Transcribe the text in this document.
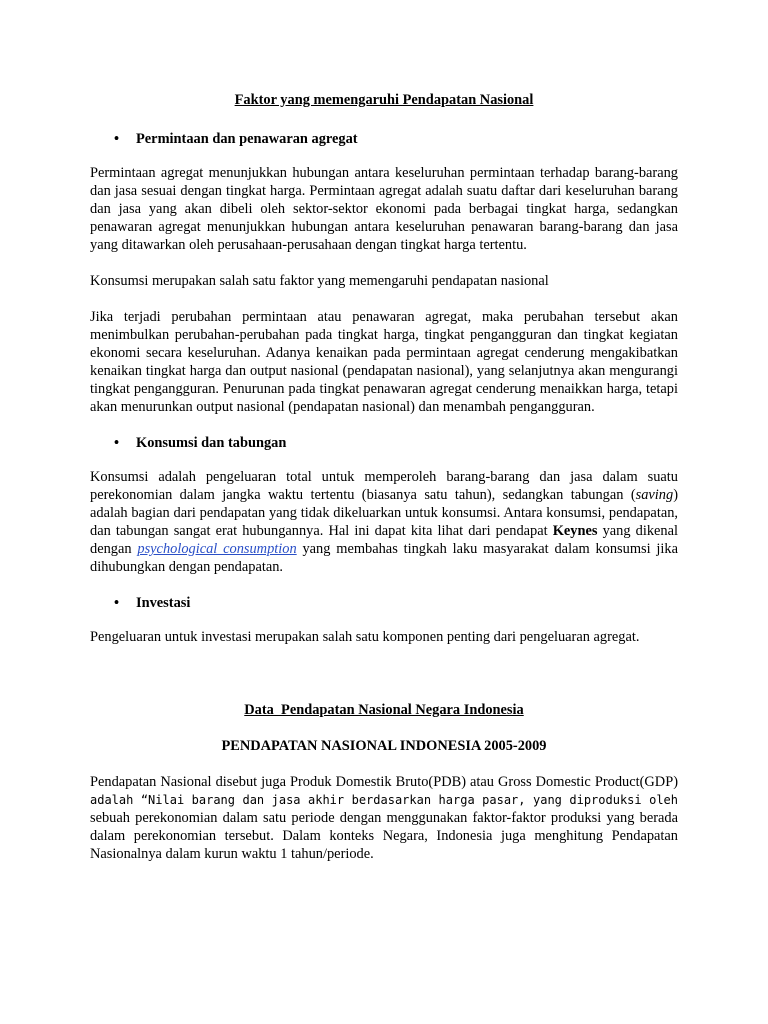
Faktor yang memengaruhi Pendapatan Nasional
• Permintaan dan penawaran agregat

Permintaan agregat menunjukkan hubungan antara keseluruhan permintaan terhadap barang-barang dan jasa sesuai dengan tingkat harga. Permintaan agregat adalah suatu daftar dari keseluruhan barang dan jasa yang akan dibeli oleh sektor-sektor ekonomi pada berbagai tingkat harga, sedangkan penawaran agregat menunjukkan hubungan antara keseluruhan penawaran barang-barang dan jasa yang ditawarkan oleh perusahaan-perusahaan dengan tingkat harga tertentu.

Konsumsi merupakan salah satu faktor yang memengaruhi pendapatan nasional

Jika terjadi perubahan permintaan atau penawaran agregat, maka perubahan tersebut akan menimbulkan perubahan-perubahan pada tingkat harga, tingkat pengangguran dan tingkat kegiatan ekonomi secara keseluruhan. Adanya kenaikan pada permintaan agregat cenderung mengakibatkan kenaikan tingkat harga dan output nasional (pendapatan nasional), yang selanjutnya akan mengurangi tingkat pengangguran. Penurunan pada tingkat penawaran agregat cenderung menaikkan harga, tetapi akan menurunkan output nasional (pendapatan nasional) dan menambah pengangguran.

• Konsumsi dan tabungan

Konsumsi adalah pengeluaran total untuk memperoleh barang-barang dan jasa dalam suatu perekonomian dalam jangka waktu tertentu (biasanya satu tahun), sedangkan tabungan (saving) adalah bagian dari pendapatan yang tidak dikeluarkan untuk konsumsi. Antara konsumsi, pendapatan, dan tabungan sangat erat hubungannya. Hal ini dapat kita lihat dari pendapat Keynes yang dikenal dengan psychological consumption yang membahas tingkah laku masyarakat dalam konsumsi jika dihubungkan dengan pendapatan.

• Investasi

Pengeluaran untuk investasi merupakan salah satu komponen penting dari pengeluaran agregat.

Data  Pendapatan Nasional Negara Indonesia
PENDAPATAN NASIONAL INDONESIA 2005-2009

Pendapatan Nasional disebut juga Produk Domestik Bruto(PDB) atau Gross Domestic Product(GDP) adalah “Nilai barang dan jasa akhir berdasarkan harga pasar, yang diproduksi oleh sebuah perekonomian dalam satu periode dengan menggunakan faktor-faktor produksi yang berada dalam perekonomian tersebut. Dalam konteks Negara, Indonesia juga menghitung Pendapatan Nasionalnya dalam kurun waktu 1 tahun/periode.
